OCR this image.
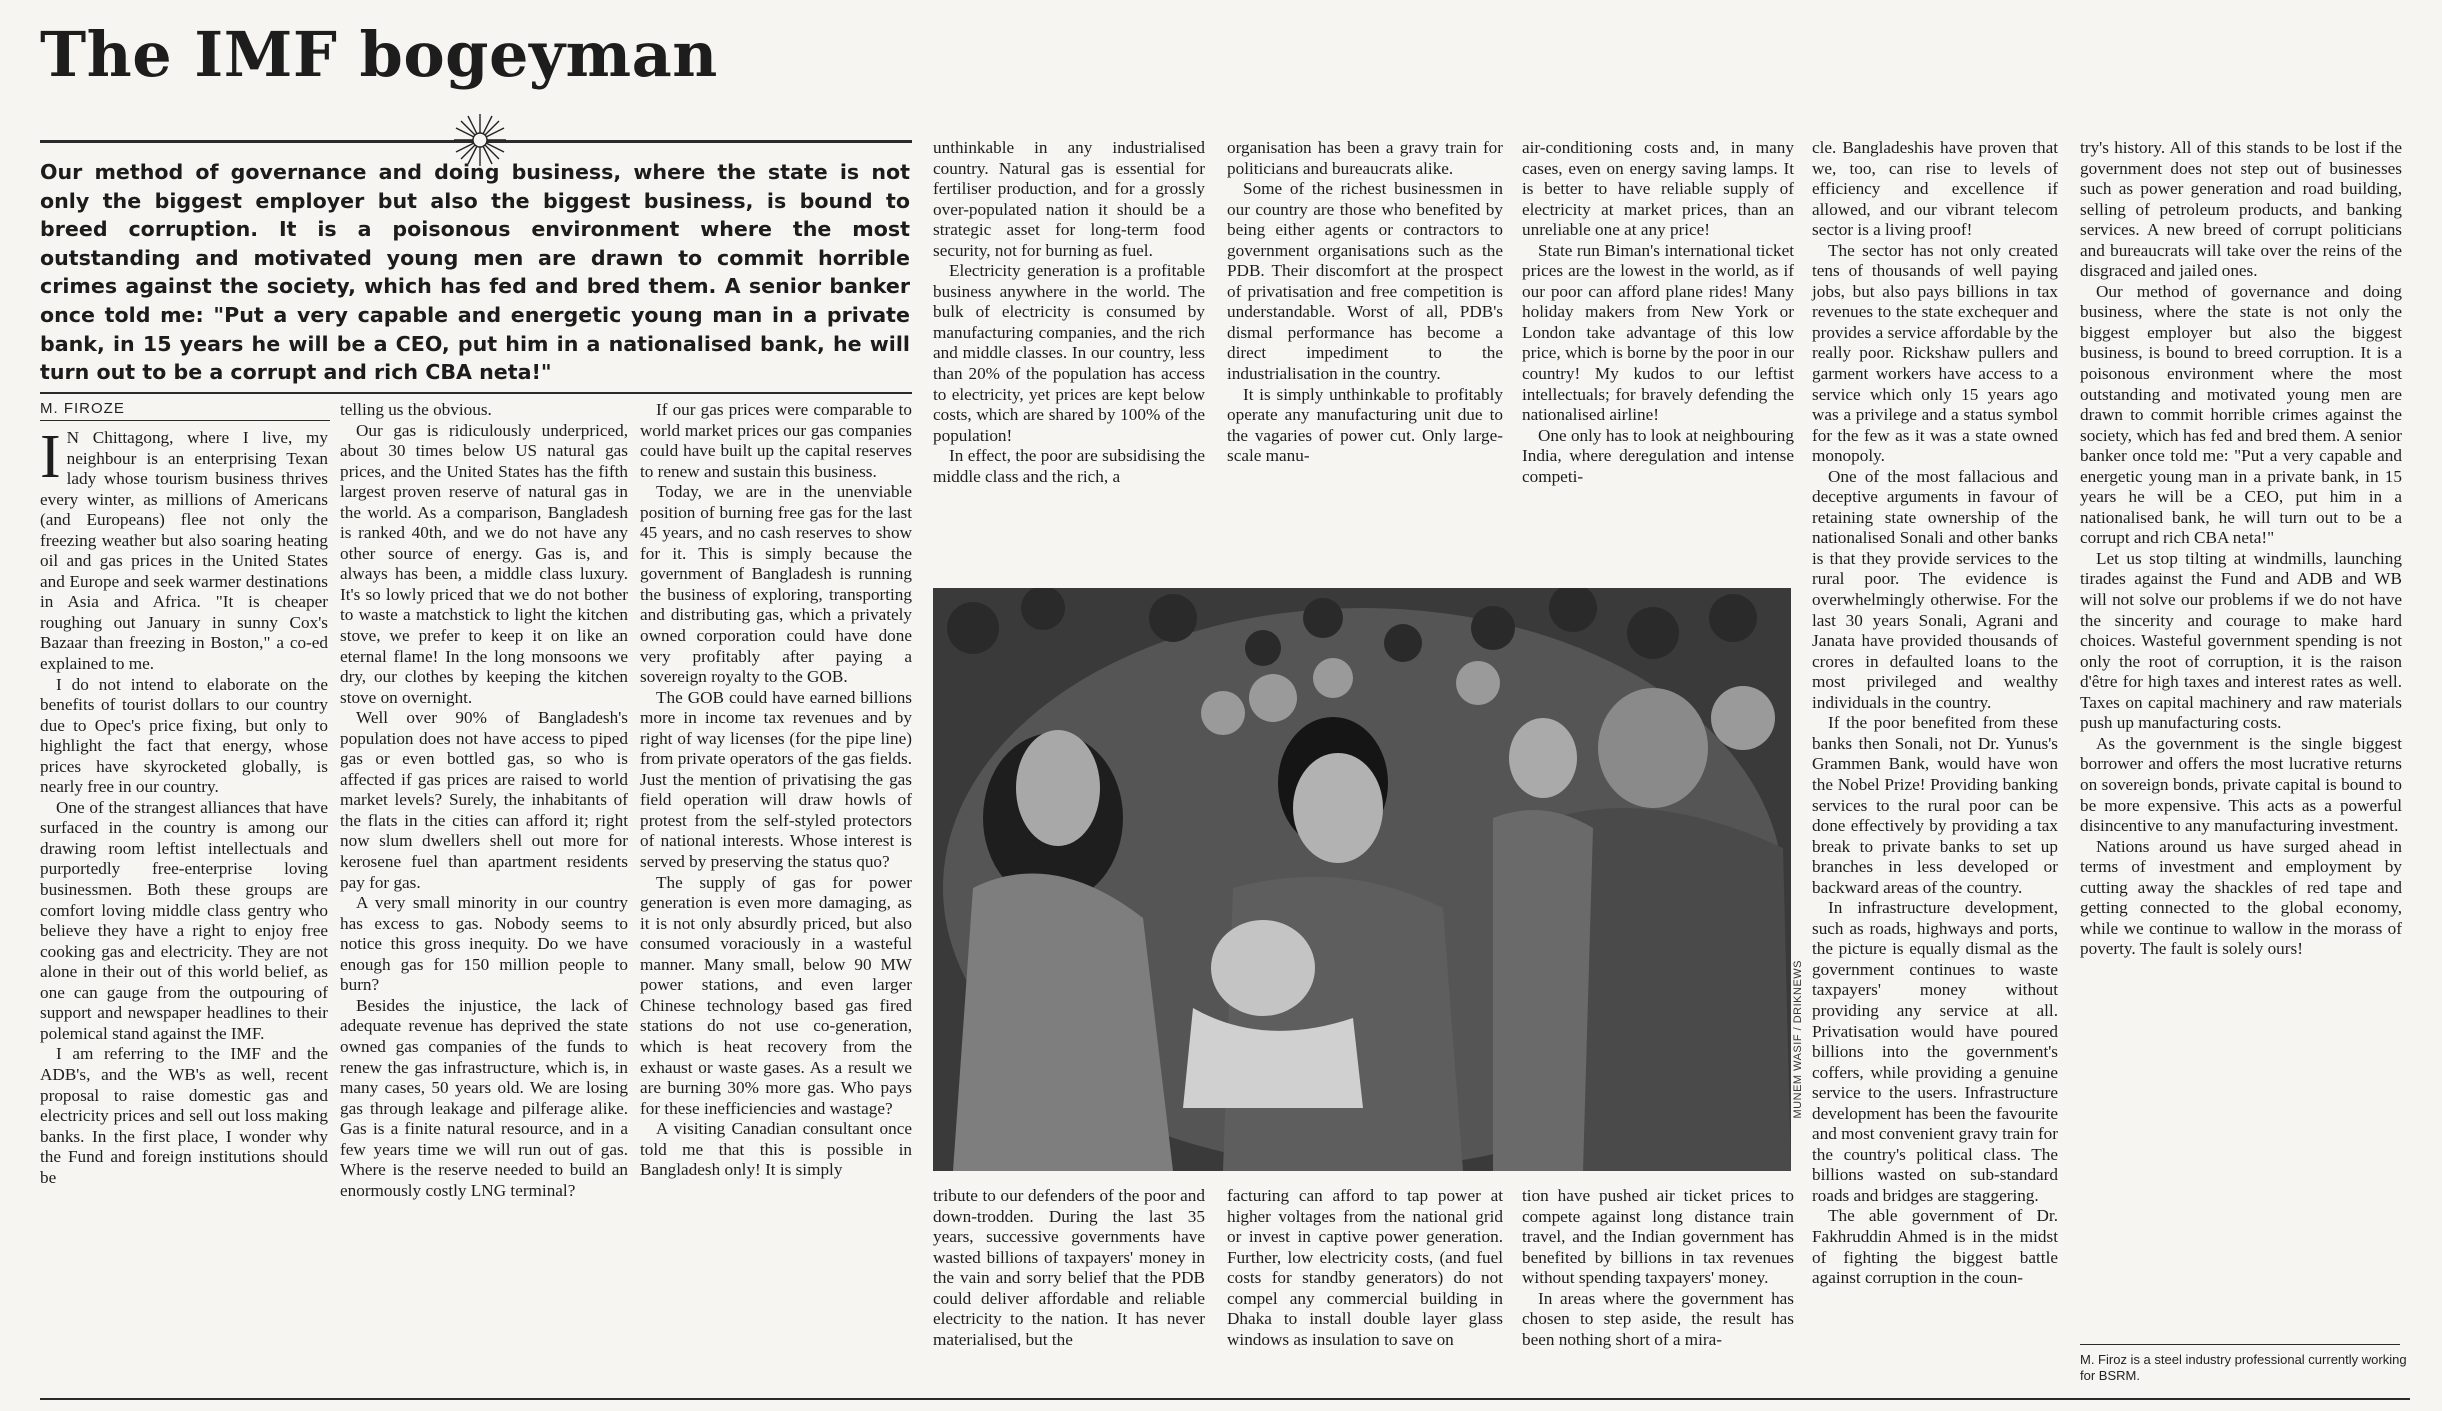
The IMF bogeyman
Our method of governance and doing business, where the state is not only the biggest employer but also the biggest business, is bound to breed corruption. It is a poisonous environment where the most outstanding and motivated young men are drawn to commit horrible crimes against the society, which has fed and bred them. A senior banker once told me: "Put a very capable and energetic young man in a private bank, in 15 years he will be a CEO, put him in a nationalised bank, he will turn out to be a corrupt and rich CBA neta!"
M. FIROZE

I N Chittagong, where I live, my neighbour is an enterprising Texan lady whose tourism business thrives every winter, as millions of Americans (and Europeans) flee not only the freezing weather but also soaring heating oil and gas prices in the United States and Europe and seek warmer destinations in Asia and Africa. "It is cheaper roughing out January in sunny Cox's Bazaar than freezing in Boston," a co-ed explained to me.

I do not intend to elaborate on the benefits of tourist dollars to our country due to Opec's price fixing, but only to highlight the fact that energy, whose prices have skyrocketed globally, is nearly free in our country.

One of the strangest alliances that have surfaced in the country is among our drawing room leftist intellectuals and purportedly free-enterprise loving businessmen. Both these groups are comfort loving middle class gentry who believe they have a right to enjoy free cooking gas and electricity. They are not alone in their out of this world belief, as one can gauge from the outpouring of support and newspaper headlines to their polemical stand against the IMF.

I am referring to the IMF and the ADB's, and the WB's as well, recent proposal to raise domestic gas and electricity prices and sell out loss making banks. In the first place, I wonder why the Fund and foreign institutions should be

telling us the obvious.

Our gas is ridiculously underpriced, about 30 times below US natural gas prices, and the United States has the fifth largest proven reserve of natural gas in the world. As a comparison, Bangladesh is ranked 40th, and we do not have any other source of energy. Gas is, and always has been, a middle class luxury. It's so lowly priced that we do not bother to waste a matchstick to light the kitchen stove, we prefer to keep it on like an eternal flame! In the long monsoons we dry, our clothes by keeping the kitchen stove on overnight.

Well over 90% of Bangladesh's population does not have access to piped gas or even bottled gas, so who is affected if gas prices are raised to world market levels? Surely, the inhabitants of the flats in the cities can afford it; right now slum dwellers shell out more for kerosene fuel than apartment residents pay for gas.

A very small minority in our country has excess to gas. Nobody seems to notice this gross inequity. Do we have enough gas for 150 million people to burn?

Besides the injustice, the lack of adequate revenue has deprived the state owned gas companies of the funds to renew the gas infrastructure, which is, in many cases, 50 years old. We are losing gas through leakage and pilferage alike. Gas is a finite natural resource, and in a few years time we will run out of gas. Where is the reserve needed to build an enormously costly LNG terminal?

If our gas prices were comparable to world market prices our gas companies could have built up the capital reserves to renew and sustain this business.

Today, we are in the unenviable position of burning free gas for the last 45 years, and no cash reserves to show for it. This is simply because the government of Bangladesh is running the business of exploring, transporting and distributing gas, which a privately owned corporation could have done very profitably after paying a sovereign royalty to the GOB.

The GOB could have earned billions more in income tax revenues and by right of way licenses (for the pipe line) from private operators of the gas fields. Just the mention of privatising the gas field operation will draw howls of protest from the self-styled protectors of national interests. Whose interest is served by preserving the status quo?

The supply of gas for power generation is even more damaging, as it is not only absurdly priced, but also consumed voraciously in a wasteful manner. Many small, below 90 MW power stations, and even larger Chinese technology based gas fired stations do not use co-generation, which is heat recovery from the exhaust or waste gases. As a result we are burning 30% more gas. Who pays for these inefficiencies and wastage?

A visiting Canadian consultant once told me that this is possible in Bangladesh only! It is simply

unthinkable in any industrialised country. Natural gas is essential for fertiliser production, and for a grossly over-populated nation it should be a strategic asset for long-term food security, not for burning as fuel.

Electricity generation is a profitable business anywhere in the world. The bulk of electricity is consumed by manufacturing companies, and the rich and middle classes. In our country, less than 20% of the population has access to electricity, yet prices are kept below costs, which are shared by 100% of the population!

In effect, the poor are subsidising the middle class and the rich, a

organisation has been a gravy train for politicians and bureaucrats alike.

Some of the richest businessmen in our country are those who benefited by being either agents or contractors to government organisations such as the PDB. Their discomfort at the prospect of privatisation and free competition is understandable. Worst of all, PDB's dismal performance has become a direct impediment to the industrialisation in the country.

It is simply unthinkable to profitably operate any manufacturing unit due to the vagaries of power cut. Only large-scale manu-

air-conditioning costs and, in many cases, even on energy saving lamps. It is better to have reliable supply of electricity at market prices, than an unreliable one at any price!

State run Biman's international ticket prices are the lowest in the world, as if our poor can afford plane rides! Many holiday makers from New York or London take advantage of this low price, which is borne by the poor in our country! My kudos to our leftist intellectuals; for bravely defending the nationalised airline!

One only has to look at neighbouring India, where deregulation and intense competi-

MUNEM WASIF / DRIKNEWS

tribute to our defenders of the poor and down-trodden. During the last 35 years, successive governments have wasted billions of taxpayers' money in the vain and sorry belief that the PDB could deliver affordable and reliable electricity to the nation. It has never materialised, but the

facturing can afford to tap power at higher voltages from the national grid or invest in captive power generation. Further, low electricity costs, (and fuel costs for standby generators) do not compel any commercial building in Dhaka to install double layer glass windows as insulation to save on

tion have pushed air ticket prices to compete against long distance train travel, and the Indian government has benefited by billions in tax revenues without spending taxpayers' money.

In areas where the government has chosen to step aside, the result has been nothing short of a mira-

cle. Bangladeshis have proven that we, too, can rise to levels of efficiency and excellence if allowed, and our vibrant telecom sector is a living proof!

The sector has not only created tens of thousands of well paying jobs, but also pays billions in tax revenues to the state exchequer and provides a service affordable by the really poor. Rickshaw pullers and garment workers have access to a service which only 15 years ago was a privilege and a status symbol for the few as it was a state owned monopoly.

One of the most fallacious and deceptive arguments in favour of retaining state ownership of the nationalised Sonali and other banks is that they provide services to the rural poor. The evidence is overwhelmingly otherwise. For the last 30 years Sonali, Agrani and Janata have provided thousands of crores in defaulted loans to the most privileged and wealthy individuals in the country.

If the poor benefited from these banks then Sonali, not Dr. Yunus's Grammen Bank, would have won the Nobel Prize! Providing banking services to the rural poor can be done effectively by providing a tax break to private banks to set up branches in less developed or backward areas of the country.

In infrastructure development, such as roads, highways and ports, the picture is equally dismal as the government continues to waste taxpayers' money without providing any service at all. Privatisation would have poured billions into the government's coffers, while providing a genuine service to the users. Infrastructure development has been the favourite and most convenient gravy train for the country's political class. The billions wasted on sub-standard roads and bridges are staggering.

The able government of Dr. Fakhruddin Ahmed is in the midst of fighting the biggest battle against corruption in the coun-

try's history. All of this stands to be lost if the government does not step out of businesses such as power generation and road building, selling of petroleum products, and banking services. A new breed of corrupt politicians and bureaucrats will take over the reins of the disgraced and jailed ones.

Our method of governance and doing business, where the state is not only the biggest employer but also the biggest business, is bound to breed corruption. It is a poisonous environment where the most outstanding and motivated young men are drawn to commit horrible crimes against the society, which has fed and bred them. A senior banker once told me: "Put a very capable and energetic young man in a private bank, in 15 years he will be a CEO, put him in a nationalised bank, he will turn out to be a corrupt and rich CBA neta!"

Let us stop tilting at windmills, launching tirades against the Fund and ADB and WB will not solve our problems if we do not have the sincerity and courage to make hard choices. Wasteful government spending is not only the root of corruption, it is the raison d'être for high taxes and interest rates as well. Taxes on capital machinery and raw materials push up manufacturing costs.

As the government is the single biggest borrower and offers the most lucrative returns on sovereign bonds, private capital is bound to be more expensive. This acts as a powerful disincentive to any manufacturing investment.

Nations around us have surged ahead in terms of investment and employment by cutting away the shackles of red tape and getting connected to the global economy, while we continue to wallow in the morass of poverty. The fault is solely ours!

M. Firoz is a steel industry professional currently working for BSRM.
